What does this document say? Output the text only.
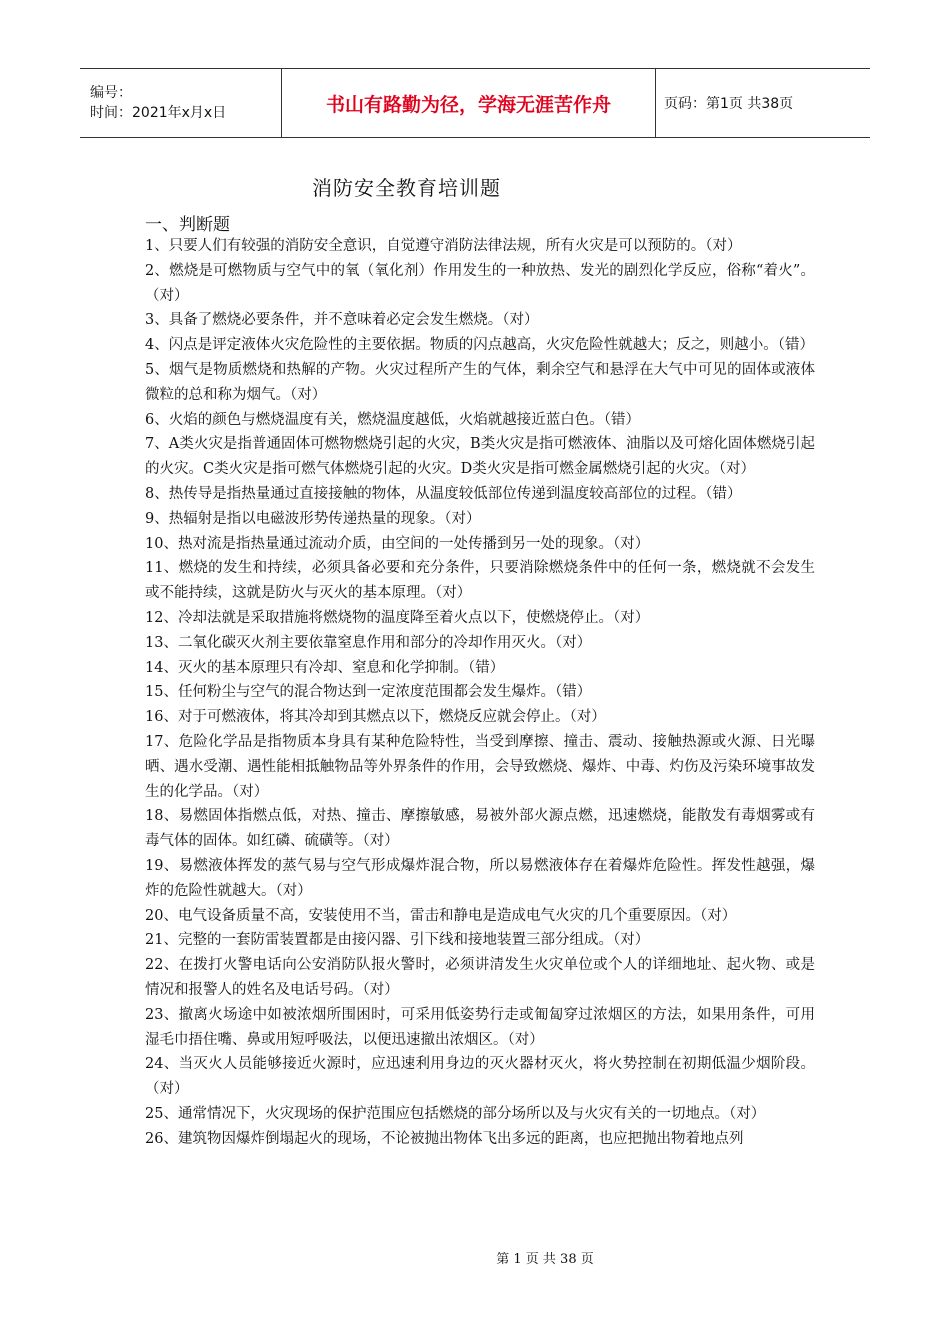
编号：
时间：2021年x月x日	书山有路勤为径，学海无涯苦作舟	页码：第1页 共38页
消防安全教育培训题
一、判断题

1、只要人们有较强的消防安全意识，自觉遵守消防法律法规，所有火灾是可以预防的。（对）

2、燃烧是可燃物质与空气中的氧（氧化剂）作用发生的一种放热、发光的剧烈化学反应，俗称“着火”。（对）

3、具备了燃烧必要条件，并不意味着必定会发生燃烧。（对）

4、闪点是评定液体火灾危险性的主要依据。物质的闪点越高，火灾危险性就越大；反之，则越小。（错）

5、烟气是物质燃烧和热解的产物。火灾过程所产生的气体，剩余空气和悬浮在大气中可见的固体或液体微粒的总和称为烟气。（对）

6、火焰的颜色与燃烧温度有关，燃烧温度越低，火焰就越接近蓝白色。（错）

7、A类火灾是指普通固体可燃物燃烧引起的火灾，B类火灾是指可燃液体、油脂以及可熔化固体燃烧引起的火灾。C类火灾是指可燃气体燃烧引起的火灾。D类火灾是指可燃金属燃烧引起的火灾。（对）

8、热传导是指热量通过直接接触的物体，从温度较低部位传递到温度较高部位的过程。（错）

9、热辐射是指以电磁波形势传递热量的现象。（对）

10、热对流是指热量通过流动介质，由空间的一处传播到另一处的现象。（对）

11、燃烧的发生和持续，必须具备必要和充分条件，只要消除燃烧条件中的任何一条，燃烧就不会发生或不能持续，这就是防火与灭火的基本原理。（对）

12、冷却法就是采取措施将燃烧物的温度降至着火点以下，使燃烧停止。（对）

13、二氧化碳灭火剂主要依靠窒息作用和部分的冷却作用灭火。（对）

14、灭火的基本原理只有冷却、窒息和化学抑制。（错）

15、任何粉尘与空气的混合物达到一定浓度范围都会发生爆炸。（错）

16、对于可燃液体，将其冷却到其燃点以下，燃烧反应就会停止。（对）

17、危险化学品是指物质本身具有某种危险特性，当受到摩擦、撞击、震动、接触热源或火源、日光曝晒、遇水受潮、遇性能相抵触物品等外界条件的作用，会导致燃烧、爆炸、中毒、灼伤及污染环境事故发生的化学品。（对）

18、易燃固体指燃点低，对热、撞击、摩擦敏感，易被外部火源点燃，迅速燃烧，能散发有毒烟雾或有毒气体的固体。如红磷、硫磺等。（对）

19、易燃液体挥发的蒸气易与空气形成爆炸混合物，所以易燃液体存在着爆炸危险性。挥发性越强，爆炸的危险性就越大。（对）

20、电气设备质量不高，安装使用不当，雷击和静电是造成电气火灾的几个重要原因。（对）

21、完整的一套防雷装置都是由接闪器、引下线和接地装置三部分组成。（对）

22、在拨打火警电话向公安消防队报火警时，必须讲清发生火灾单位或个人的详细地址、起火物、或是情况和报警人的姓名及电话号码。（对）

23、撤离火场途中如被浓烟所围困时，可采用低姿势行走或匍匐穿过浓烟区的方法，如果用条件，可用湿毛巾捂住嘴、鼻或用短呼吸法，以便迅速撤出浓烟区。（对）

24、当灭火人员能够接近火源时，应迅速利用身边的灭火器材灭火，将火势控制在初期低温少烟阶段。（对）

25、通常情况下，火灾现场的保护范围应包括燃烧的部分场所以及与火灾有关的一切地点。（对）

26、建筑物因爆炸倒塌起火的现场，不论被抛出物体飞出多远的距离，也应把抛出物着地点列

第 1 页 共 38 页
